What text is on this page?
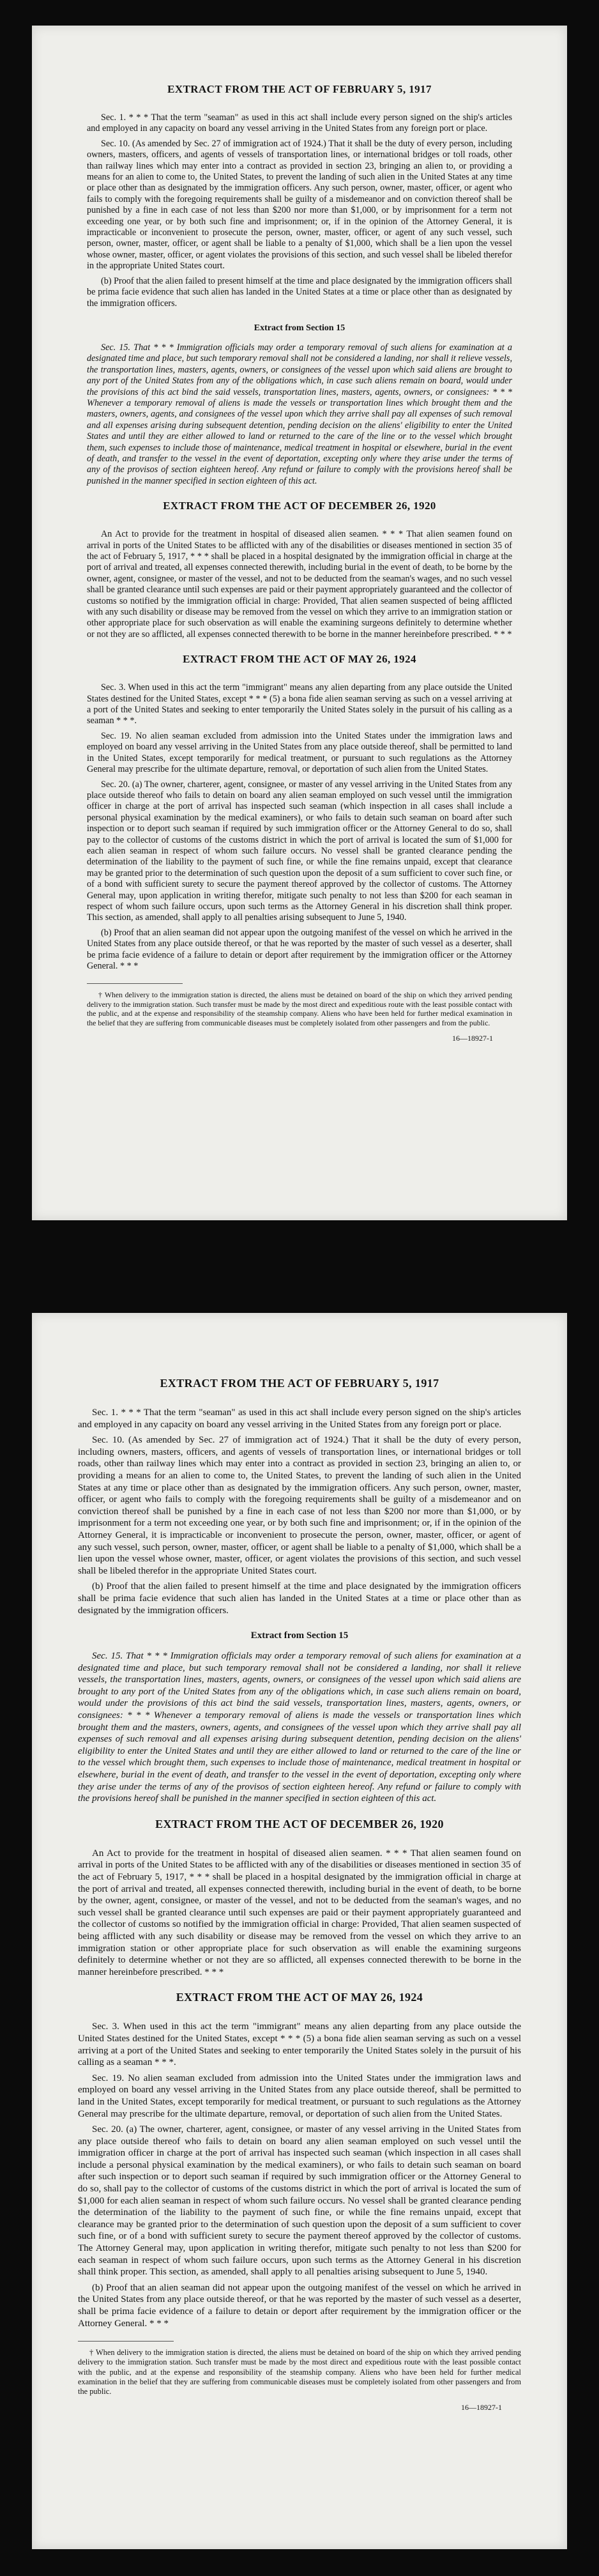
EXTRACT FROM THE ACT OF FEBRUARY 5, 1917

Sec. 1. * * * That the term "seaman" as used in this act shall include every person signed on the ship's articles and employed in any capacity on board any vessel arriving in the United States from any foreign port or place.

Sec. 10. (As amended by Sec. 27 of immigration act of 1924.) That it shall be the duty of every person, including owners, masters, officers, and agents of vessels of transportation lines, or international bridges or toll roads, other than railway lines which may enter into a contract as provided in section 23, bringing an alien to, or providing a means for an alien to come to, the United States, to prevent the landing of such alien in the United States at any time or place other than as designated by the immigration officers. Any such person, owner, master, officer, or agent who fails to comply with the foregoing requirements shall be guilty of a misdemeanor and on conviction thereof shall be punished by a fine in each case of not less than $200 nor more than $1,000, or by imprisonment for a term not exceeding one year, or by both such fine and imprisonment; or, if in the opinion of the Attorney General, it is impracticable or inconvenient to prosecute the person, owner, master, officer, or agent of any such vessel, such person, owner, master, officer, or agent shall be liable to a penalty of $1,000, which shall be a lien upon the vessel whose owner, master, officer, or agent violates the provisions of this section, and such vessel shall be libeled therefor in the appropriate United States court.

(b) Proof that the alien failed to present himself at the time and place designated by the immigration officers shall be prima facie evidence that such alien has landed in the United States at a time or place other than as designated by the immigration officers.

Extract from Section 15

Sec. 15. That * * * Immigration officials may order a temporary removal of such aliens for examination at a designated time and place, but such temporary removal shall not be considered a landing, nor shall it relieve vessels, the transportation lines, masters, agents, owners, or consignees of the vessel upon which said aliens are brought to any port of the United States from any of the obligations which, in case such aliens remain on board, would under the provisions of this act bind the said vessels, transportation lines, masters, agents, owners, or consignees: * * * Whenever a temporary removal of aliens is made the vessels or transportation lines which brought them and the masters, owners, agents, and consignees of the vessel upon which they arrive shall pay all expenses of such removal and all expenses arising during subsequent detention, pending decision on the aliens' eligibility to enter the United States and until they are either allowed to land or returned to the care of the line or to the vessel which brought them, such expenses to include those of maintenance, medical treatment in hospital or elsewhere, burial in the event of death, and transfer to the vessel in the event of deportation, excepting only where they arise under the terms of any of the provisos of section eighteen hereof. Any refund or failure to comply with the provisions hereof shall be punished in the manner specified in section eighteen of this act.

EXTRACT FROM THE ACT OF DECEMBER 26, 1920

An Act to provide for the treatment in hospital of diseased alien seamen. * * * That alien seamen found on arrival in ports of the United States to be afflicted with any of the disabilities or diseases mentioned in section 35 of the act of February 5, 1917, * * * shall be placed in a hospital designated by the immigration official in charge at the port of arrival and treated, all expenses connected therewith, including burial in the event of death, to be borne by the owner, agent, consignee, or master of the vessel, and not to be deducted from the seaman's wages, and no such vessel shall be granted clearance until such expenses are paid or their payment appropriately guaranteed and the collector of customs so notified by the immigration official in charge: Provided, That alien seamen suspected of being afflicted with any such disability or disease may be removed from the vessel on which they arrive to an immigration station or other appropriate place for such observation as will enable the examining surgeons definitely to determine whether or not they are so afflicted, all expenses connected therewith to be borne in the manner hereinbefore prescribed. * * *

EXTRACT FROM THE ACT OF MAY 26, 1924

Sec. 3. When used in this act the term "immigrant" means any alien departing from any place outside the United States destined for the United States, except * * * (5) a bona fide alien seaman serving as such on a vessel arriving at a port of the United States and seeking to enter temporarily the United States solely in the pursuit of his calling as a seaman * * *.

Sec. 19. No alien seaman excluded from admission into the United States under the immigration laws and employed on board any vessel arriving in the United States from any place outside thereof, shall be permitted to land in the United States, except temporarily for medical treatment, or pursuant to such regulations as the Attorney General may prescribe for the ultimate departure, removal, or deportation of such alien from the United States.

Sec. 20. (a) The owner, charterer, agent, consignee, or master of any vessel arriving in the United States from any place outside thereof who fails to detain on board any alien seaman employed on such vessel until the immigration officer in charge at the port of arrival has inspected such seaman (which inspection in all cases shall include a personal physical examination by the medical examiners), or who fails to detain such seaman on board after such inspection or to deport such seaman if required by such immigration officer or the Attorney General to do so, shall pay to the collector of customs of the customs district in which the port of arrival is located the sum of $1,000 for each alien seaman in respect of whom such failure occurs. No vessel shall be granted clearance pending the determination of the liability to the payment of such fine, or while the fine remains unpaid, except that clearance may be granted prior to the determination of such question upon the deposit of a sum sufficient to cover such fine, or of a bond with sufficient surety to secure the payment thereof approved by the collector of customs. The Attorney General may, upon application in writing therefor, mitigate such penalty to not less than $200 for each seaman in respect of whom such failure occurs, upon such terms as the Attorney General in his discretion shall think proper. This section, as amended, shall apply to all penalties arising subsequent to June 5, 1940.

(b) Proof that an alien seaman did not appear upon the outgoing manifest of the vessel on which he arrived in the United States from any place outside thereof, or that he was reported by the master of such vessel as a deserter, shall be prima facie evidence of a failure to detain or deport after requirement by the immigration officer or the Attorney General. * * *

† When delivery to the immigration station is directed, the aliens must be detained on board of the ship on which they arrived pending delivery to the immigration station. Such transfer must be made by the most direct and expeditious route with the least possible contact with the public, and at the expense and responsibility of the steamship company. Aliens who have been held for further medical examination in the belief that they are suffering from communicable diseases must be completely isolated from other passengers and from the public.

16—18927-1
EXTRACT FROM THE ACT OF FEBRUARY 5, 1917

Sec. 1. * * * That the term "seaman" as used in this act shall include every person signed on the ship's articles and employed in any capacity on board any vessel arriving in the United States from any foreign port or place.

Sec. 10. (As amended by Sec. 27 of immigration act of 1924.) That it shall be the duty of every person, including owners, masters, officers, and agents of vessels of transportation lines, or international bridges or toll roads, other than railway lines which may enter into a contract as provided in section 23, bringing an alien to, or providing a means for an alien to come to, the United States, to prevent the landing of such alien in the United States at any time or place other than as designated by the immigration officers. Any such person, owner, master, officer, or agent who fails to comply with the foregoing requirements shall be guilty of a misdemeanor and on conviction thereof shall be punished by a fine in each case of not less than $200 nor more than $1,000, or by imprisonment for a term not exceeding one year, or by both such fine and imprisonment; or, if in the opinion of the Attorney General, it is impracticable or inconvenient to prosecute the person, owner, master, officer, or agent of any such vessel, such person, owner, master, officer, or agent shall be liable to a penalty of $1,000, which shall be a lien upon the vessel whose owner, master, officer, or agent violates the provisions of this section, and such vessel shall be libeled therefor in the appropriate United States court.

(b) Proof that the alien failed to present himself at the time and place designated by the immigration officers shall be prima facie evidence that such alien has landed in the United States at a time or place other than as designated by the immigration officers.

Extract from Section 15

Sec. 15. That * * * Immigration officials may order a temporary removal of such aliens for examination at a designated time and place, but such temporary removal shall not be considered a landing, nor shall it relieve vessels, the transportation lines, masters, agents, owners, or consignees of the vessel upon which said aliens are brought to any port of the United States from any of the obligations which, in case such aliens remain on board, would under the provisions of this act bind the said vessels, transportation lines, masters, agents, owners, or consignees: * * * Whenever a temporary removal of aliens is made the vessels or transportation lines which brought them and the masters, owners, agents, and consignees of the vessel upon which they arrive shall pay all expenses of such removal and all expenses arising during subsequent detention, pending decision on the aliens' eligibility to enter the United States and until they are either allowed to land or returned to the care of the line or to the vessel which brought them, such expenses to include those of maintenance, medical treatment in hospital or elsewhere, burial in the event of death, and transfer to the vessel in the event of deportation, excepting only where they arise under the terms of any of the provisos of section eighteen hereof. Any refund or failure to comply with the provisions hereof shall be punished in the manner specified in section eighteen of this act.

EXTRACT FROM THE ACT OF DECEMBER 26, 1920

An Act to provide for the treatment in hospital of diseased alien seamen. * * * That alien seamen found on arrival in ports of the United States to be afflicted with any of the disabilities or diseases mentioned in section 35 of the act of February 5, 1917, * * * shall be placed in a hospital designated by the immigration official in charge at the port of arrival and treated, all expenses connected therewith, including burial in the event of death, to be borne by the owner, agent, consignee, or master of the vessel, and not to be deducted from the seaman's wages, and no such vessel shall be granted clearance until such expenses are paid or their payment appropriately guaranteed and the collector of customs so notified by the immigration official in charge: Provided, That alien seamen suspected of being afflicted with any such disability or disease may be removed from the vessel on which they arrive to an immigration station or other appropriate place for such observation as will enable the examining surgeons definitely to determine whether or not they are so afflicted, all expenses connected therewith to be borne in the manner hereinbefore prescribed. * * *

EXTRACT FROM THE ACT OF MAY 26, 1924

Sec. 3. When used in this act the term "immigrant" means any alien departing from any place outside the United States destined for the United States, except * * * (5) a bona fide alien seaman serving as such on a vessel arriving at a port of the United States and seeking to enter temporarily the United States solely in the pursuit of his calling as a seaman * * *.

Sec. 19. No alien seaman excluded from admission into the United States under the immigration laws and employed on board any vessel arriving in the United States from any place outside thereof, shall be permitted to land in the United States, except temporarily for medical treatment, or pursuant to such regulations as the Attorney General may prescribe for the ultimate departure, removal, or deportation of such alien from the United States.

Sec. 20. (a) The owner, charterer, agent, consignee, or master of any vessel arriving in the United States from any place outside thereof who fails to detain on board any alien seaman employed on such vessel until the immigration officer in charge at the port of arrival has inspected such seaman (which inspection in all cases shall include a personal physical examination by the medical examiners), or who fails to detain such seaman on board after such inspection or to deport such seaman if required by such immigration officer or the Attorney General to do so, shall pay to the collector of customs of the customs district in which the port of arrival is located the sum of $1,000 for each alien seaman in respect of whom such failure occurs. No vessel shall be granted clearance pending the determination of the liability to the payment of such fine, or while the fine remains unpaid, except that clearance may be granted prior to the determination of such question upon the deposit of a sum sufficient to cover such fine, or of a bond with sufficient surety to secure the payment thereof approved by the collector of customs. The Attorney General may, upon application in writing therefor, mitigate such penalty to not less than $200 for each seaman in respect of whom such failure occurs, upon such terms as the Attorney General in his discretion shall think proper. This section, as amended, shall apply to all penalties arising subsequent to June 5, 1940.

(b) Proof that an alien seaman did not appear upon the outgoing manifest of the vessel on which he arrived in the United States from any place outside thereof, or that he was reported by the master of such vessel as a deserter, shall be prima facie evidence of a failure to detain or deport after requirement by the immigration officer or the Attorney General. * * *

† When delivery to the immigration station is directed, the aliens must be detained on board of the ship on which they arrived pending delivery to the immigration station. Such transfer must be made by the most direct and expeditious route with the least possible contact with the public, and at the expense and responsibility of the steamship company. Aliens who have been held for further medical examination in the belief that they are suffering from communicable diseases must be completely isolated from other passengers and from the public.

16—18927-1
